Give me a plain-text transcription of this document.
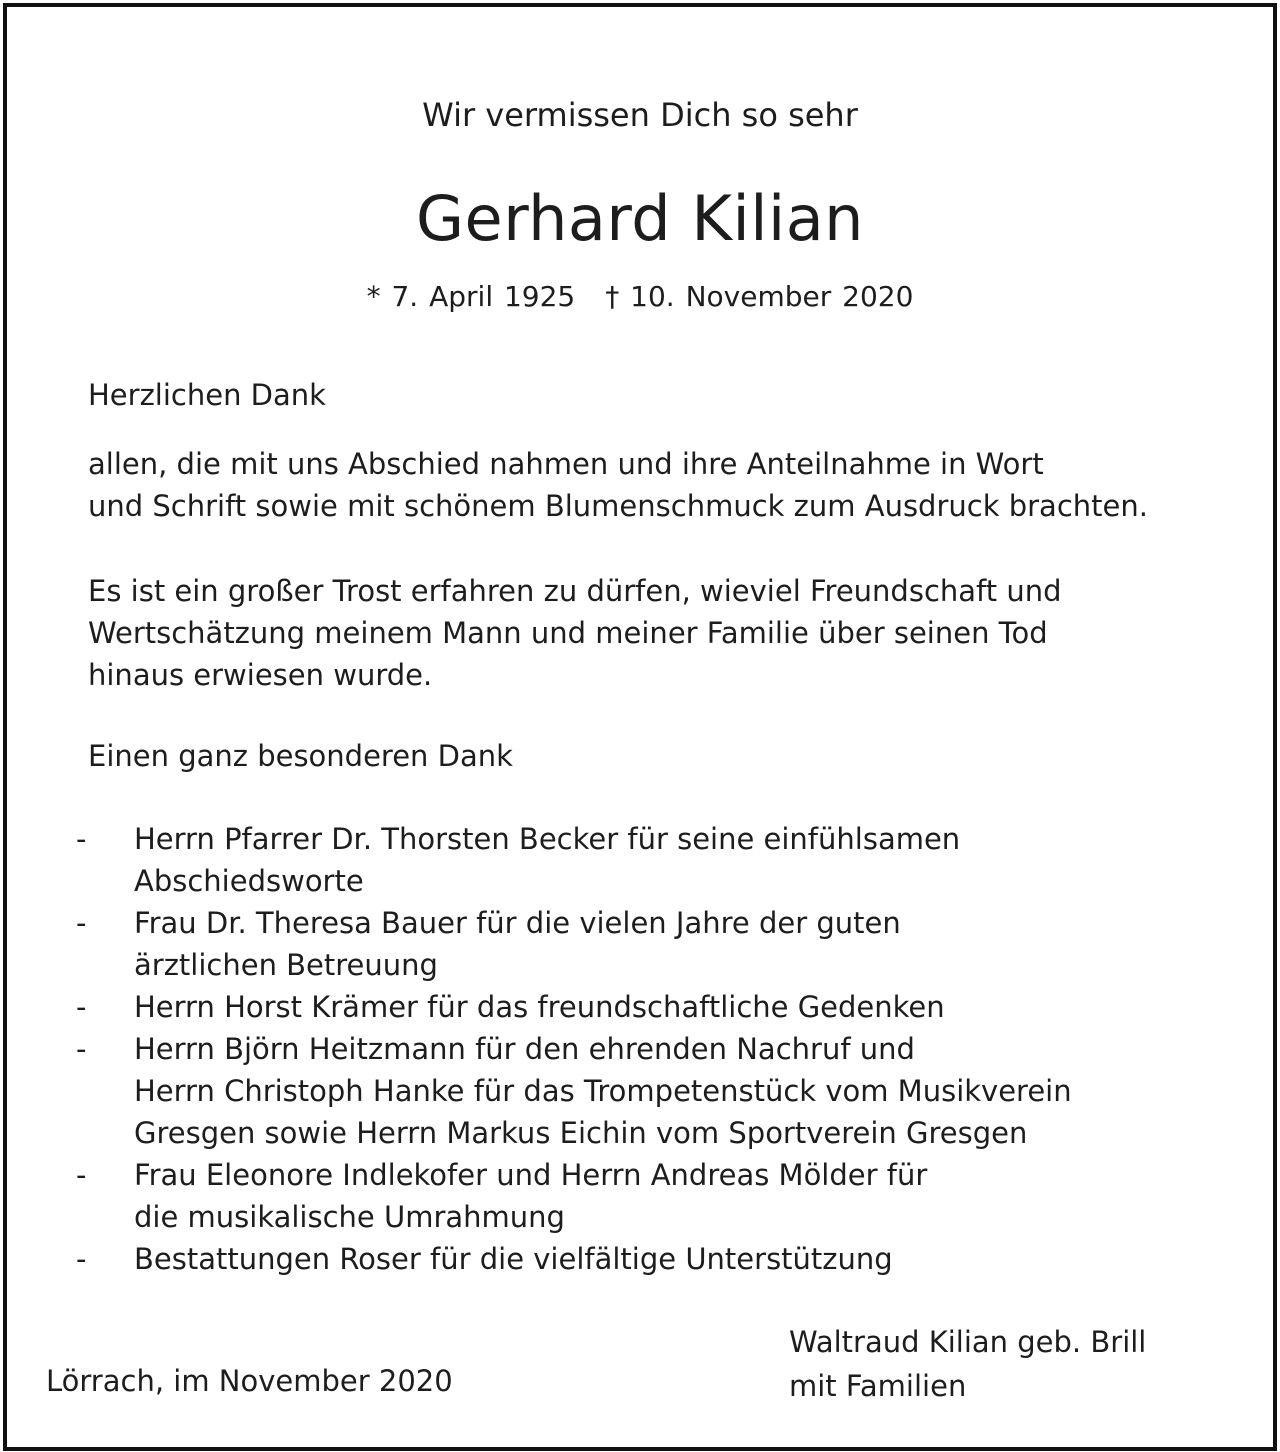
Wir vermissen Dich so sehr
Gerhard Kilian
* 7. April 1925 † 10. November 2020
Herzlichen Dank
allen, die mit uns Abschied nahmen und ihre Anteilnahme in Wort
und Schrift sowie mit schönem Blumenschmuck zum Ausdruck brachten.
Es ist ein großer Trost erfahren zu dürfen, wieviel Freundschaft und
Wertschätzung meinem Mann und meiner Familie über seinen Tod
hinaus erwiesen wurde.
Einen ganz besonderen Dank
-	Herrn Pfarrer Dr. Thorsten Becker für seine einfühlsamen
Abschiedsworte
-	Frau Dr. Theresa Bauer für die vielen Jahre der guten
ärztlichen Betreuung
-	Herrn Horst Krämer für das freundschaftliche Gedenken
-	Herrn Björn Heitzmann für den ehrenden Nachruf und
Herrn Christoph Hanke für das Trompetenstück vom Musikverein
Gresgen sowie Herrn Markus Eichin vom Sportverein Gresgen
-	Frau Eleonore Indlekofer und Herrn Andreas Mölder für
die musikalische Umrahmung
-	Bestattungen Roser für die vielfältige Unterstützung
Lörrach, im November 2020
Waltraud Kilian geb. Brill
mit Familien
